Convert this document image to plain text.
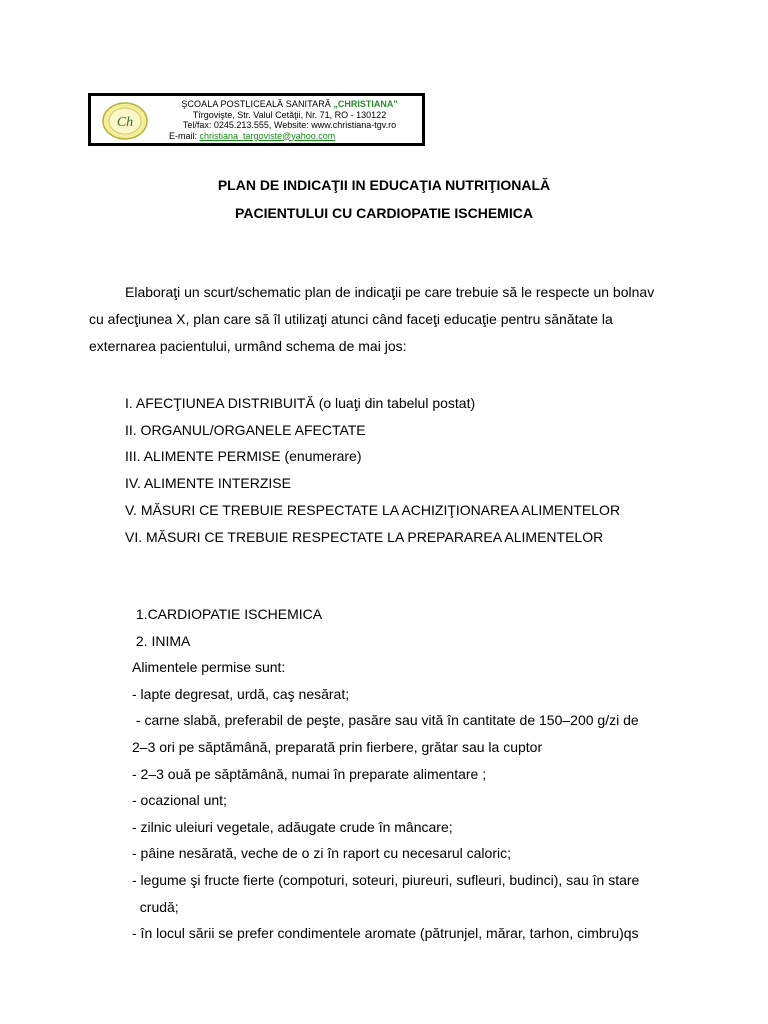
Ch
ŞCOALA POSTLICEALĂ SANITARĂ „CHRISTIANA"
Tîrgovişte, Str. Valul Cetăţii, Nr. 71, RO - 130122
Tel/fax: 0245.213.555, Website: www.christiana-tgv.ro
E-mail: christiana_targoviste@yahoo.com
PLAN DE INDICAŢII IN EDUCAŢIA NUTRIŢIONALĂ
PACIENTULUI CU CARDIOPATIE ISCHEMICA
Elaboraţi un scurt/schematic plan de indicaţii pe care trebuie să le respecte un bolnav
cu afecţiunea X, plan care să îl utilizaţi atunci când faceţi educaţie pentru sănătate la
externarea pacientului, urmând schema de mai jos:
I. AFECŢIUNEA DISTRIBUITĂ (o luaţi din tabelul postat)
II. ORGANUL/ORGANELE AFECTATE
III. ALIMENTE PERMISE (enumerare)
IV. ALIMENTE INTERZISE
V. MĂSURI CE TREBUIE RESPECTATE LA ACHIZIŢIONAREA ALIMENTELOR
VI. MĂSURI CE TREBUIE RESPECTATE LA PREPARAREA ALIMENTELOR
1.CARDIOPATIE ISCHEMICA
2. INIMA
Alimentele permise sunt:
- lapte degresat, urdă, caş nesărat;
- carne slabă, preferabil de peşte, pasăre sau vită în cantitate de 150–200 g/zi de
2–3 ori pe săptămână, preparată prin fierbere, grătar sau la cuptor
- 2–3 ouă pe săptămână, numai în preparate alimentare ;
- ocazional unt;
- zilnic uleiuri vegetale, adăugate crude în mâncare;
- pâine nesărată, veche de o zi în raport cu necesarul caloric;
- legume şi fructe fierte (compoturi, soteuri, piureuri, sufleuri, budinci), sau în stare
crudă;
- în locul sării se prefer condimentele aromate (pătrunjel, mărar, tarhon, cimbru)qs
